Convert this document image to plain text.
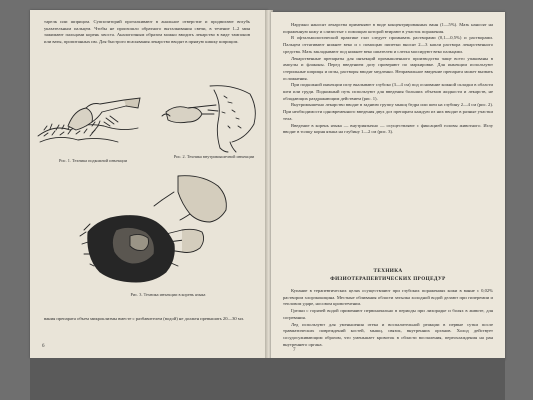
тарелк или шприцом. Суппозиторий проталкивают в анальное отверстие и продвигают вглубь указательным пальцем. Чтобы не произошло обратного выталкивания свечи, в течение 1–2 мин зажимают пальцами корень хвоста. Аналогичным образом можно вводить лекарство в виде тампонов или ваты, пропитанных им. Для быстрого всасывания лекарство вводят в прямую кишку шприцом.

Рис. 1. Техника подкожной инъекции
Рис. 2. Техника внутримышечной инъекции
Рис. 3. Техника инъекции в корень языка

вания препарата объем микроклизмы вместе с разбавителем (водой) не должен превышать 20—30 мл.

6

Наружно наносят лекарства применяют в виде концентрированных ванн (1—5%). Мазь наносят на пораженную кожу и слизистые с помощью которой втирают в участок поражения.

В офтальмологической практике глаз следует промывать растворами (0,1—0,5%) и растворами. Пальцем оттягивают нижнее веко и с помощью пипетки вносят 2—3 капли раствора лекарственного средства. Мазь закладывают под нижнее веко шпателем и слегка массируют веко пальцами.

Лекарственные препараты для инъекций промышленного производства чаще всего упакованы в ампулы и флаконы. Перед введением дозу проверяют по маркировке. Для инъекции используют стерильные шприцы и иглы, растворы вводят медленно. Неправильное введение препарата может вызвать осложнения.

При подкожной инъекции иглу вкалывают глубоко (3—4 см) под основание кожной складки в области шеи или груди. Подкожный путь используют для введения больших объемов жидкости и лекарств, не обладающих раздражающим действием (рис. 1).

Внутримышечно лекарство вводят в заднюю группу мышц бедра или шеи на глубину 2—4 см (рис. 2). При необходимости одновременного введения двух доз препарата каждую из них вводят в разные участки тела.

Введение в корень языка — внутриязычно — осуществляют с фиксацией головы животного. Иглу вводят в толщу корня языка на глубину 1—2 см (рис. 3).

ТЕХНИКА
ФИЗИОТЕРАПЕВТИЧЕСКИХ ПРОЦЕДУР

Купание в терапевтических целях осуществляют при глубоких поражениях кожи в ванне с 0,02% раствором хлорэкокицина. Местные обливания области затылка холодной водой делают при гиперемии и тепловом ударе, носовом кровотечении.

Грелки с горячей водой применяют первоначально в периоды при лихорадке и болях в животе, для согревания.

Лед используют для уменьшения отека и воспалительной реакции в первые сутки после травматических повреждений костей, мышц, связок, внутренних органов. Холод действует сосудосуживающим образом, что уменьшает кровоток в области воспаления, переохлаждения на ран внутреннего органа.

7
